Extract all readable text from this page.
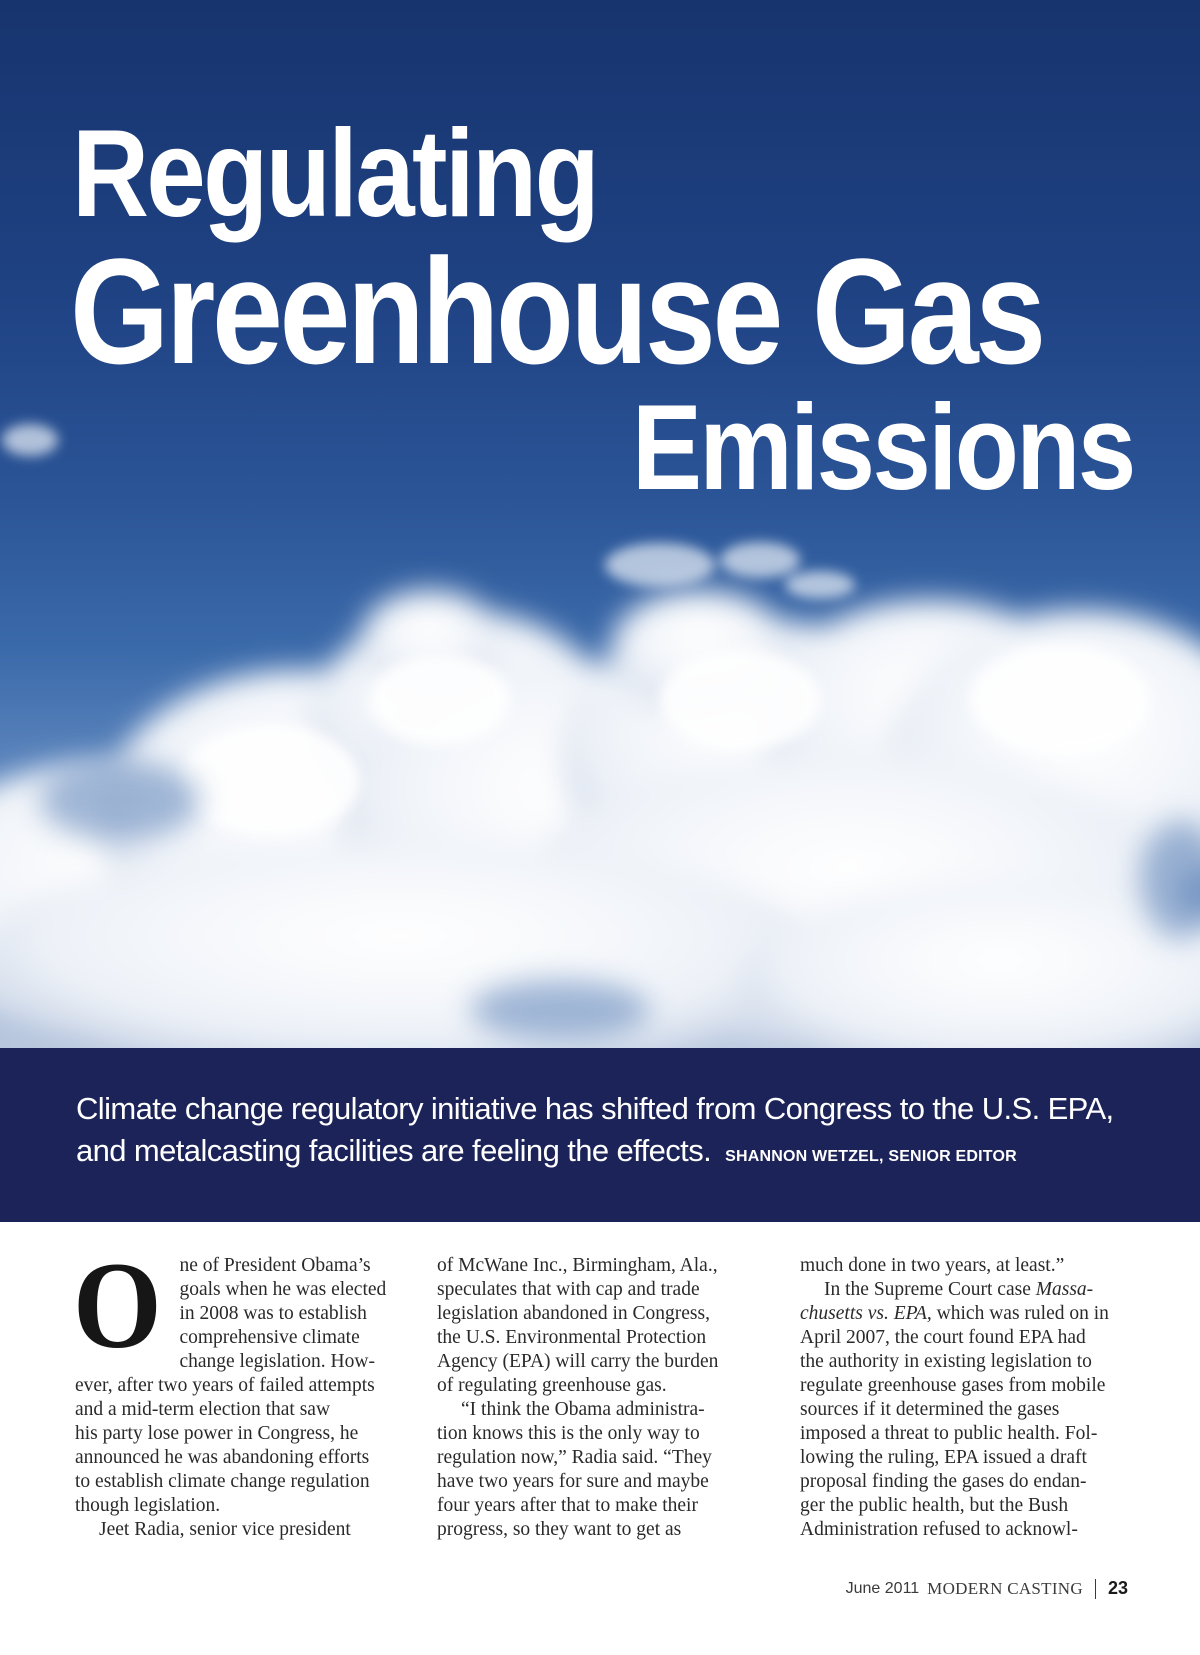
Regulating
Greenhouse Gas
Emissions
Climate change regulatory initiative has shifted from Congress to the U.S. EPA, and metalcasting facilities are feeling the effects. SHANNON WETZEL, SENIOR EDITOR
O ne of President Obama’s
goals when he was elected
in 2008 was to establish
comprehensive climate
change legislation. How-
ever, after two years of failed attempts
and a mid-term election that saw
his party lose power in Congress, he
announced he was abandoning efforts
to establish climate change regulation
though legislation.
Jeet Radia, senior vice president
of McWane Inc., Birmingham, Ala.,
speculates that with cap and trade
legislation abandoned in Congress,
the U.S. Environmental Protection
Agency (EPA) will carry the burden
of regulating greenhouse gas.
“I think the Obama administra-
tion knows this is the only way to
regulation now,” Radia said. “They
have two years for sure and maybe
four years after that to make their
progress, so they want to get as
much done in two years, at least.”
In the Supreme Court case Massa-
chusetts vs. EPA, which was ruled on in
April 2007, the court found EPA had
the authority in existing legislation to
regulate greenhouse gases from mobile
sources if it determined the gases
imposed a threat to public health. Fol-
lowing the ruling, EPA issued a draft
proposal finding the gases do endan-
ger the public health, but the Bush
Administration refused to acknowl-
June 2011 MODERN CASTING 23
